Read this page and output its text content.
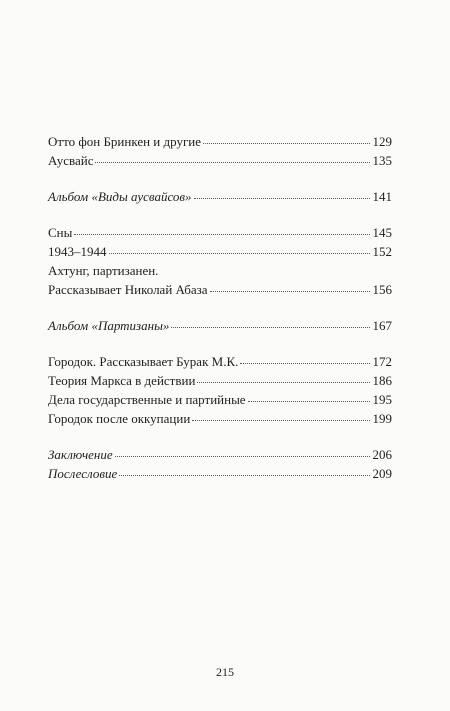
Отто фон Бринкен и другие	129
Аусвайс	135
Альбом «Виды аусвайсов»	141
Сны	145
1943–1944	152
Ахтунг, партизанен.
Рассказывает Николай Абаза	156
Альбом «Партизаны»	167
Городок. Рассказывает Бурак М.К.	172
Теория Маркса в действии	186
Дела государственные и партийные	195
Городок после оккупации	199
Заключение	206
Послесловие	209
215
